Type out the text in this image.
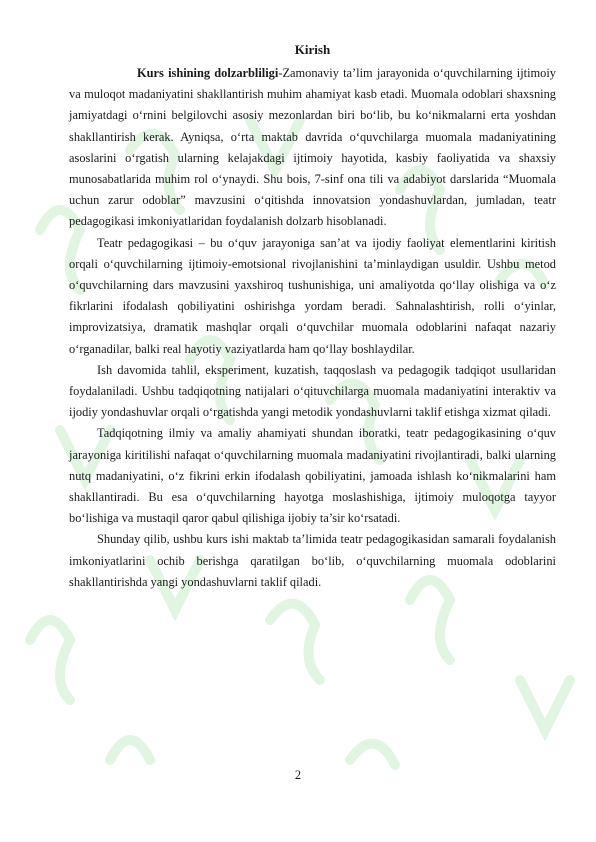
Kirish

Kurs ishining dolzarbliligi-Zamonaviy ta’lim jarayonida o‘quvchilarning ijtimoiy va muloqot madaniyatini shakllantirish muhim ahamiyat kasb etadi. Muomala odoblari shaxsning jamiyatdagi o‘rnini belgilovchi asosiy mezonlardan biri bo‘lib, bu ko‘nikmalarni erta yoshdan shakllantirish kerak. Ayniqsa, o‘rta maktab davrida o‘quvchilarga muomala madaniyatining asoslarini o‘rgatish ularning kelajakdagi ijtimoiy hayotida, kasbiy faoliyatida va shaxsiy munosabatlarida muhim rol o‘ynaydi. Shu bois, 7-sinf ona tili va adabiyot darslarida “Muomala uchun zarur odoblar” mavzusini o‘qitishda innovatsion yondashuvlardan, jumladan, teatr pedagogikasi imkoniyatlaridan foydalanish dolzarb hisoblanadi.

Teatr pedagogikasi – bu o‘quv jarayoniga san’at va ijodiy faoliyat elementlarini kiritish orqali o‘quvchilarning ijtimoiy-emotsional rivojlanishini ta’minlaydigan usuldir. Ushbu metod o‘quvchilarning dars mavzusini yaxshiroq tushunishiga, uni amaliyotda qo‘llay olishiga va o‘z fikrlarini ifodalash qobiliyatini oshirishga yordam beradi. Sahnalashtirish, rolli o‘yinlar, improvizatsiya, dramatik mashqlar orqali o‘quvchilar muomala odoblarini nafaqat nazariy o‘rganadilar, balki real hayotiy vaziyatlarda ham qo‘llay boshlaydilar.

Ish davomida tahlil, eksperiment, kuzatish, taqqoslash va pedagogik tadqiqot usullaridan foydalaniladi. Ushbu tadqiqotning natijalari o‘qituvchilarga muomala madaniyatini interaktiv va ijodiy yondashuvlar orqali o‘rgatishda yangi metodik yondashuvlarni taklif etishga xizmat qiladi.

Tadqiqotning ilmiy va amaliy ahamiyati shundan iboratki, teatr pedagogikasining o‘quv jarayoniga kiritilishi nafaqat o‘quvchilarning muomala madaniyatini rivojlantiradi, balki ularning nutq madaniyatini, o‘z fikrini erkin ifodalash qobiliyatini, jamoada ishlash ko‘nikmalarini ham shakllantiradi. Bu esa o‘quvchilarning hayotga moslashishiga, ijtimoiy muloqotga tayyor bo‘lishiga va mustaqil qaror qabul qilishiga ijobiy ta’sir ko‘rsatadi.

Shunday qilib, ushbu kurs ishi maktab ta’limida teatr pedagogikasidan samarali foydalanish imkoniyatlarini ochib berishga qaratilgan bo‘lib, o‘quvchilarning muomala odoblarini shakllantirishda yangi yondashuvlarni taklif qiladi.

2
